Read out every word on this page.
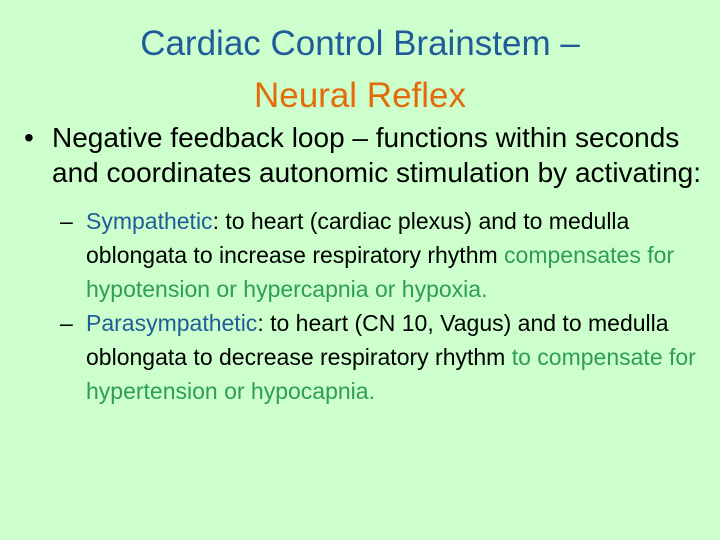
Cardiac Control Brainstem –
Neural Reflex
• Negative feedback loop – functions within seconds and coordinates autonomic stimulation by activating:
– Sympathetic: to heart (cardiac plexus) and to medulla oblongata to increase respiratory rhythm compensates for hypotension or hypercapnia or hypoxia.
– Parasympathetic: to heart (CN 10, Vagus) and to medulla oblongata to decrease respiratory rhythm to compensate for hypertension or hypocapnia.
